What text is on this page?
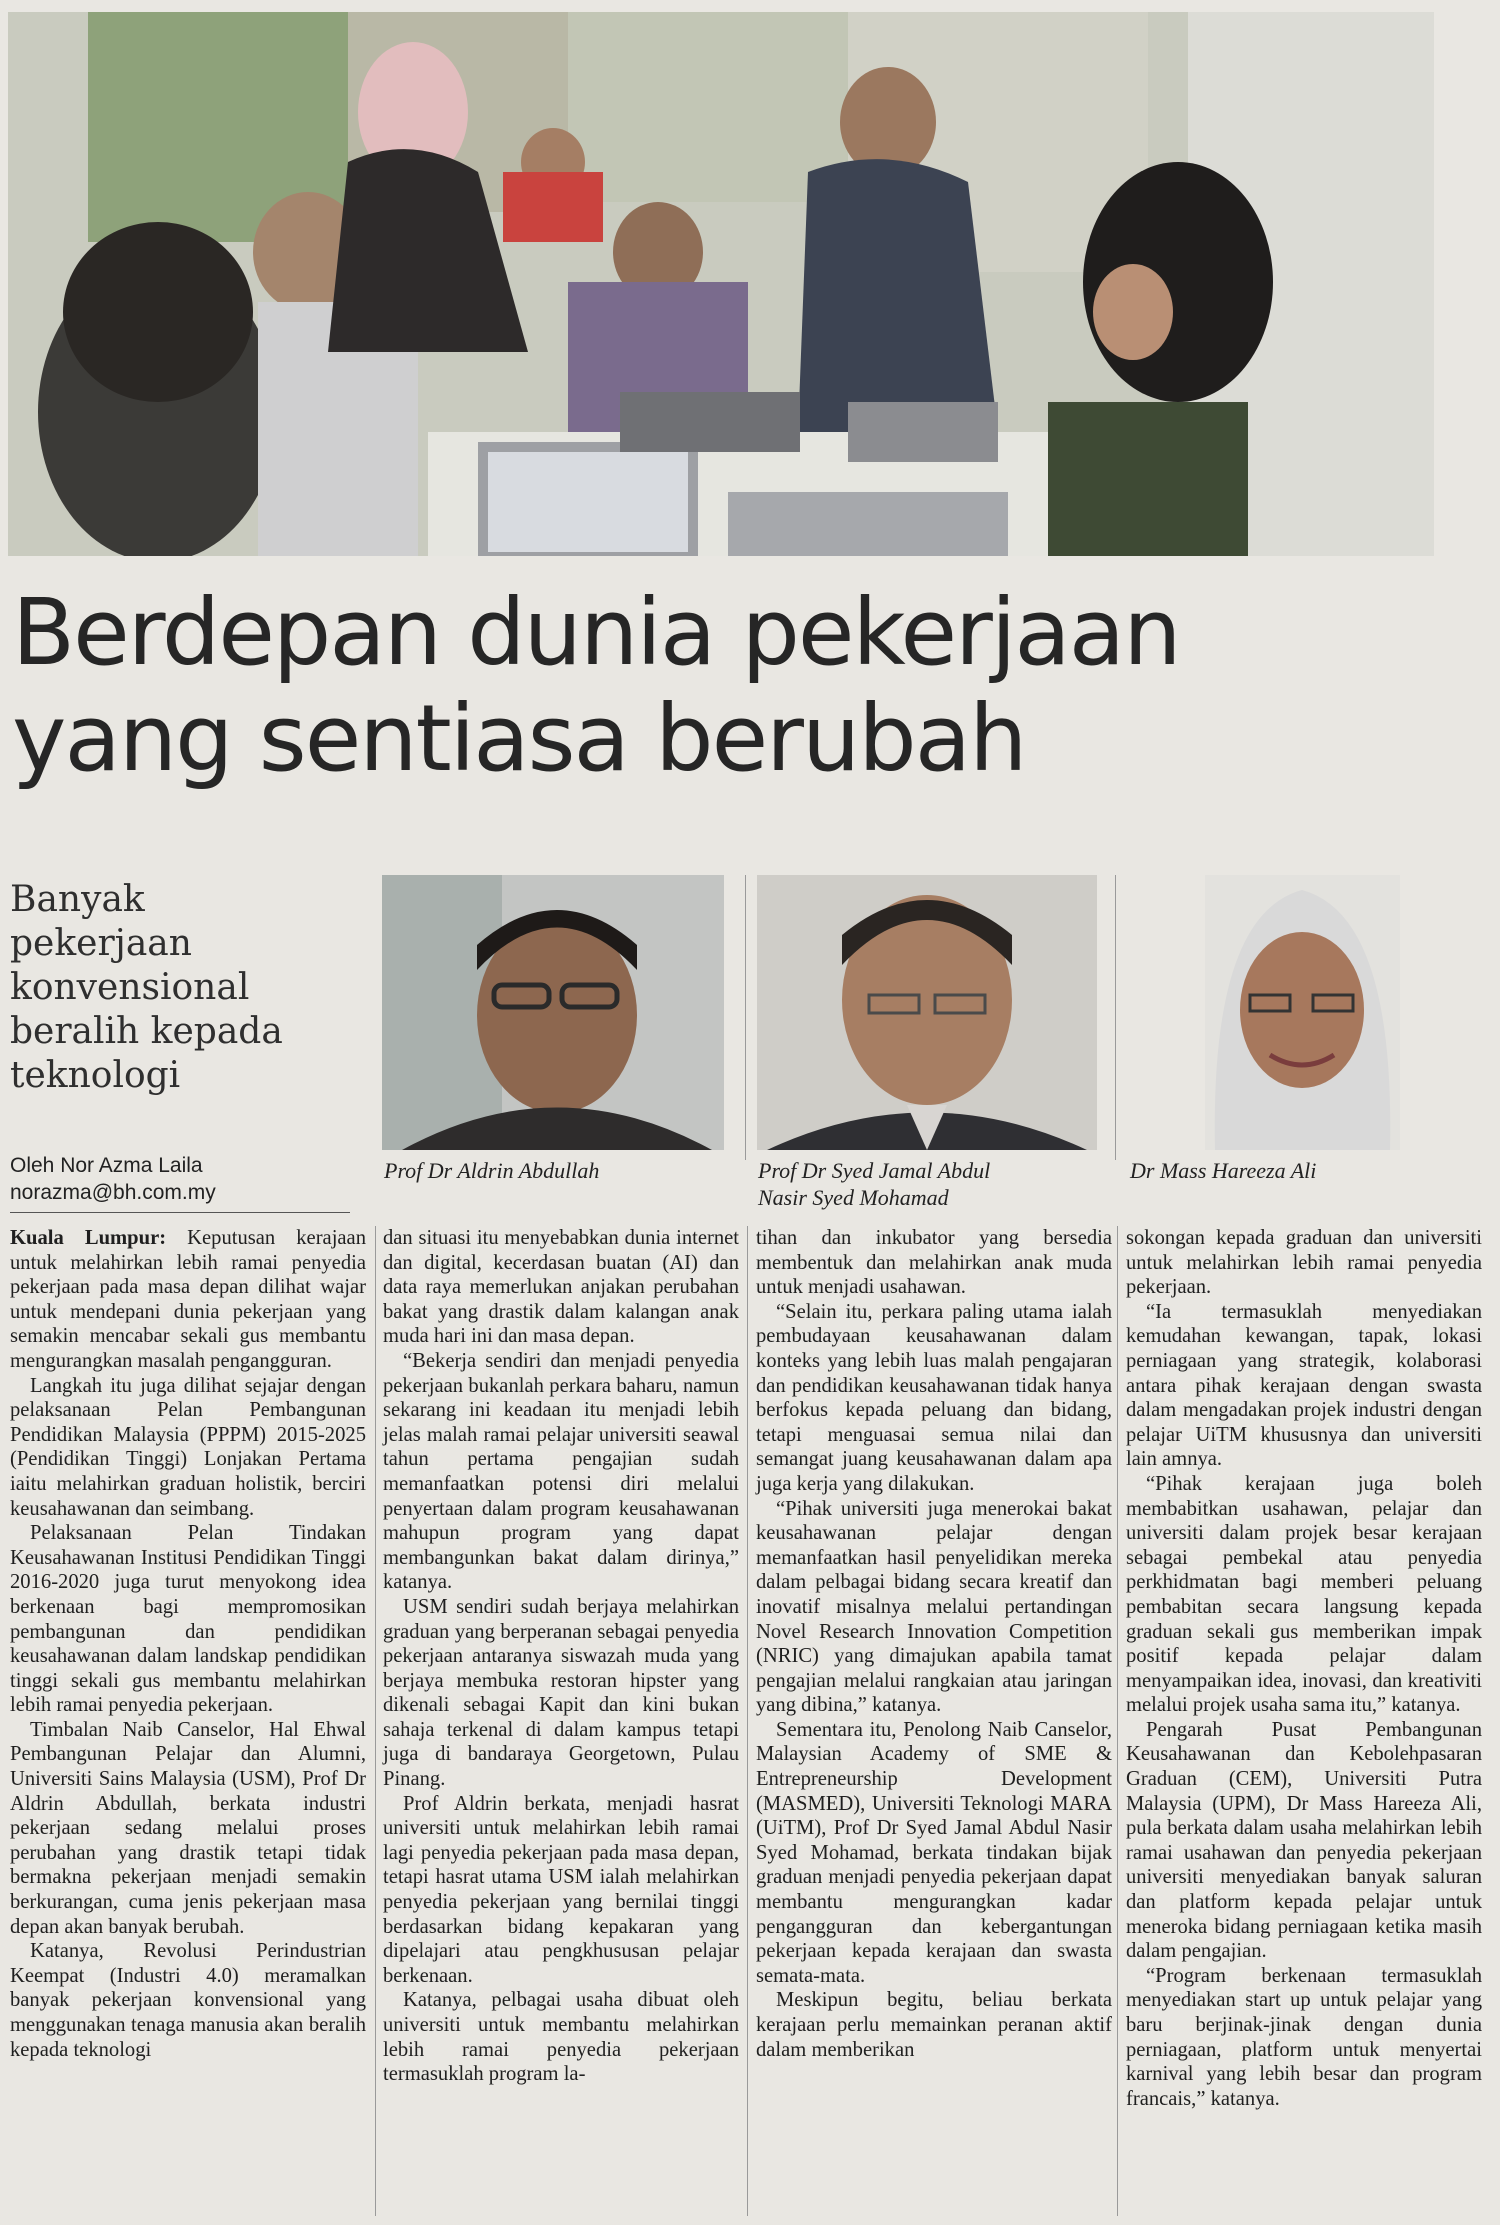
Berdepan dunia pekerjaan
yang sentiasa berubah
Banyak
pekerjaan
konvensional
beralih kepada
teknologi
Oleh Nor Azma Laila
norazma@bh.com.my
Prof Dr Aldrin Abdullah	Prof Dr Syed Jamal Abdul
Nasir Syed Mohamad
Dr Mass Hareeza Ali

Kuala Lumpur: Keputusan kerajaan untuk melahirkan lebih ramai penyedia pekerjaan pada masa depan dilihat wajar untuk mendepani dunia pekerjaan yang semakin mencabar sekali gus membantu mengurangkan masalah pengangguran.

Langkah itu juga dilihat sejajar dengan pelaksanaan Pelan Pembangunan Pendidikan Malaysia (PPPM) 2015-2025 (Pendidikan Tinggi) Lonjakan Pertama iaitu melahirkan graduan holistik, berciri keusahawanan dan seimbang.

Pelaksanaan Pelan Tindakan Keusahawanan Institusi Pendidikan Tinggi 2016-2020 juga turut menyokong idea berkenaan bagi mempromosikan pembangunan dan pendidikan keusahawanan dalam landskap pendidikan tinggi sekali gus membantu melahirkan lebih ramai penyedia pekerjaan.

Timbalan Naib Canselor, Hal Ehwal Pembangunan Pelajar dan Alumni, Universiti Sains Malaysia (USM), Prof Dr Aldrin Abdullah, berkata industri pekerjaan sedang melalui proses perubahan yang drastik tetapi tidak bermakna pekerjaan menjadi semakin berkurangan, cuma jenis pekerjaan masa depan akan banyak berubah.

Katanya, Revolusi Perindustrian Keempat (Industri 4.0) meramalkan banyak pekerjaan konvensional yang menggunakan tenaga manusia akan beralih kepada teknologi

dan situasi itu menyebabkan dunia internet dan digital, kecerdasan buatan (AI) dan data raya memerlukan anjakan perubahan bakat yang drastik dalam kalangan anak muda hari ini dan masa depan.

“Bekerja sendiri dan menjadi penyedia pekerjaan bukanlah perkara baharu, namun sekarang ini keadaan itu menjadi lebih jelas malah ramai pelajar universiti seawal tahun pertama pengajian sudah memanfaatkan potensi diri melalui penyertaan dalam program keusahawanan mahupun program yang dapat membangunkan bakat dalam dirinya,” katanya.

USM sendiri sudah berjaya melahirkan graduan yang berperanan sebagai penyedia pekerjaan antaranya siswazah muda yang berjaya membuka restoran hipster yang dikenali sebagai Kapit dan kini bukan sahaja terkenal di dalam kampus tetapi juga di bandaraya Georgetown, Pulau Pinang.

Prof Aldrin berkata, menjadi hasrat universiti untuk melahirkan lebih ramai lagi penyedia pekerjaan pada masa depan, tetapi hasrat utama USM ialah melahirkan penyedia pekerjaan yang bernilai tinggi berdasarkan bidang kepakaran yang dipelajari atau pengkhususan pelajar berkenaan.

Katanya, pelbagai usaha dibuat oleh universiti untuk membantu melahirkan lebih ramai penyedia pekerjaan termasuklah program la-

tihan dan inkubator yang bersedia membentuk dan melahirkan anak muda untuk menjadi usahawan.

“Selain itu, perkara paling utama ialah pembudayaan keusahawanan dalam konteks yang lebih luas malah pengajaran dan pendidikan keusahawanan tidak hanya berfokus kepada peluang dan bidang, tetapi menguasai semua nilai dan semangat juang keusahawanan dalam apa juga kerja yang dilakukan.

“Pihak universiti juga menerokai bakat keusahawanan pelajar dengan memanfaatkan hasil penyelidikan mereka dalam pelbagai bidang secara kreatif dan inovatif misalnya melalui pertandingan Novel Research Innovation Competition (NRIC) yang dimajukan apabila tamat pengajian melalui rangkaian atau jaringan yang dibina,” katanya.

Sementara itu, Penolong Naib Canselor, Malaysian Academy of SME & Entrepreneurship Development (MASMED), Universiti Teknologi MARA (UiTM), Prof Dr Syed Jamal Abdul Nasir Syed Mohamad, berkata tindakan bijak graduan menjadi penyedia pekerjaan dapat membantu mengurangkan kadar pengangguran dan kebergantungan pekerjaan kepada kerajaan dan swasta semata-mata.

Meskipun begitu, beliau berkata kerajaan perlu memainkan peranan aktif dalam memberikan

sokongan kepada graduan dan universiti untuk melahirkan lebih ramai penyedia pekerjaan.

“Ia termasuklah menyediakan kemudahan kewangan, tapak, lokasi perniagaan yang strategik, kolaborasi antara pihak kerajaan dengan swasta dalam mengadakan projek industri dengan pelajar UiTM khususnya dan universiti lain amnya.

“Pihak kerajaan juga boleh membabitkan usahawan, pelajar dan universiti dalam projek besar kerajaan sebagai pembekal atau penyedia perkhidmatan bagi memberi peluang pembabitan secara langsung kepada graduan sekali gus memberikan impak positif kepada pelajar dalam menyampaikan idea, inovasi, dan kreativiti melalui projek usaha sama itu,” katanya.

Pengarah Pusat Pembangunan Keusahawanan dan Kebolehpasaran Graduan (CEM), Universiti Putra Malaysia (UPM), Dr Mass Hareeza Ali, pula berkata dalam usaha melahirkan lebih ramai usahawan dan penyedia pekerjaan universiti menyediakan banyak saluran dan platform kepada pelajar untuk meneroka bidang perniagaan ketika masih dalam pengajian.

“Program berkenaan termasuklah menyediakan start up untuk pelajar yang baru berjinak-jinak dengan dunia perniagaan, platform untuk menyertai karnival yang lebih besar dan program francais,” katanya.
